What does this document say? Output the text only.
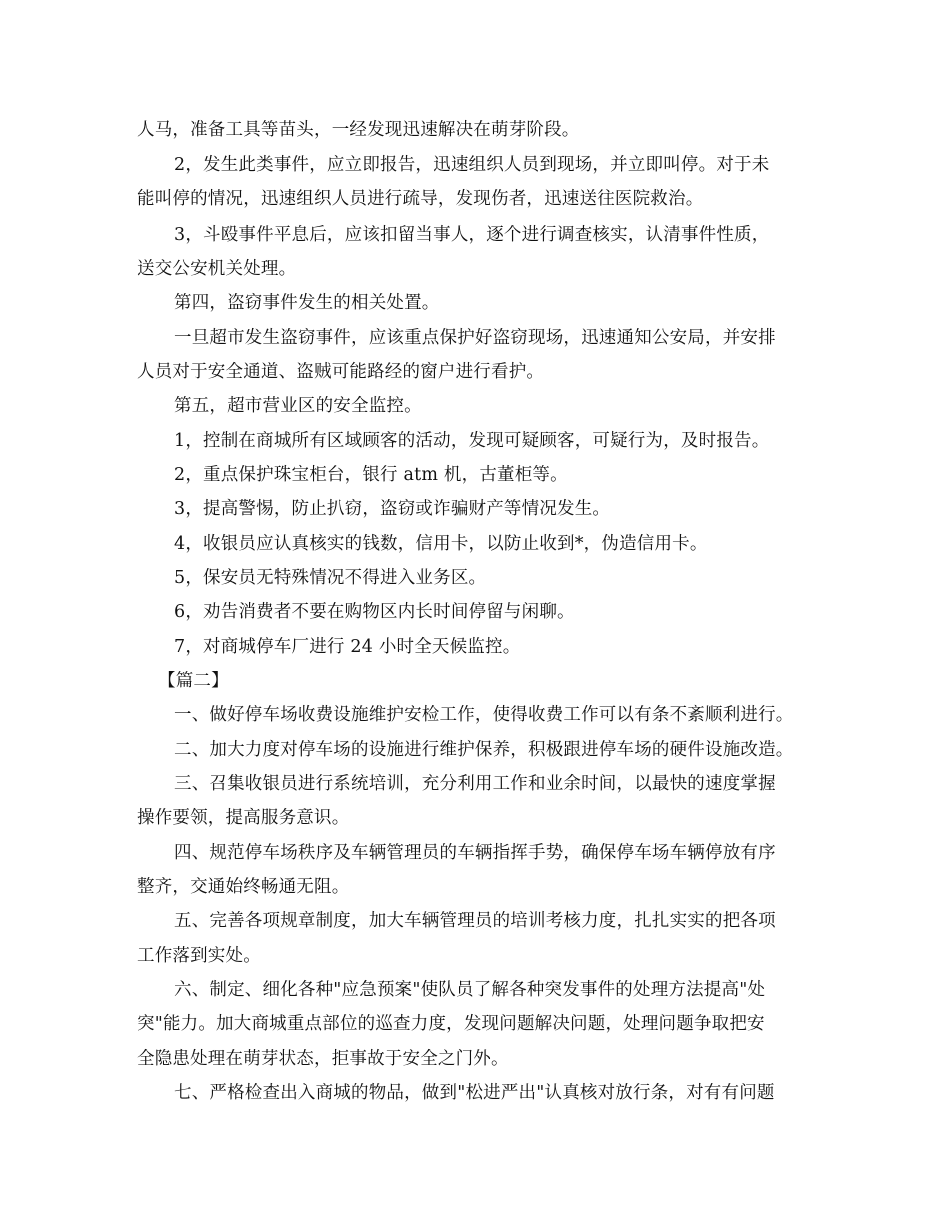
人马，准备工具等苗头，一经发现迅速解决在萌芽阶段。
2，发生此类事件，应立即报告，迅速组织人员到现场，并立即叫停。对于未
能叫停的情况，迅速组织人员进行疏导，发现伤者，迅速送往医院救治。
3，斗殴事件平息后，应该扣留当事人，逐个进行调查核实，认清事件性质，
送交公安机关处理。
第四，盗窃事件发生的相关处置。
一旦超市发生盗窃事件，应该重点保护好盗窃现场，迅速通知公安局，并安排
人员对于安全通道、盗贼可能路经的窗户进行看护。
第五，超市营业区的安全监控。
1，控制在商城所有区域顾客的活动，发现可疑顾客，可疑行为，及时报告。
2，重点保护珠宝柜台，银行 atm 机，古董柜等。
3，提高警惕，防止扒窃，盗窃或诈骗财产等情况发生。
4，收银员应认真核实的钱数，信用卡，以防止收到*，伪造信用卡。
5，保安员无特殊情况不得进入业务区。
6，劝告消费者不要在购物区内长时间停留与闲聊。
7，对商城停车厂进行 24 小时全天候监控。
【篇二】
一、做好停车场收费设施维护安检工作，使得收费工作可以有条不紊顺利进行。
二、加大力度对停车场的设施进行维护保养，积极跟进停车场的硬件设施改造。
三、召集收银员进行系统培训，充分利用工作和业余时间，以最快的速度掌握
操作要领，提高服务意识。
四、规范停车场秩序及车辆管理员的车辆指挥手势，确保停车场车辆停放有序
整齐，交通始终畅通无阻。
五、完善各项规章制度，加大车辆管理员的培训考核力度，扎扎实实的把各项
工作落到实处。
六、制定、细化各种"应急预案"使队员了解各种突发事件的处理方法提高"处
突"能力。加大商城重点部位的巡查力度，发现问题解决问题，处理问题争取把安
全隐患处理在萌芽状态，拒事故于安全之门外。
七、严格检查出入商城的物品，做到"松进严出"认真核对放行条，对有有问题
